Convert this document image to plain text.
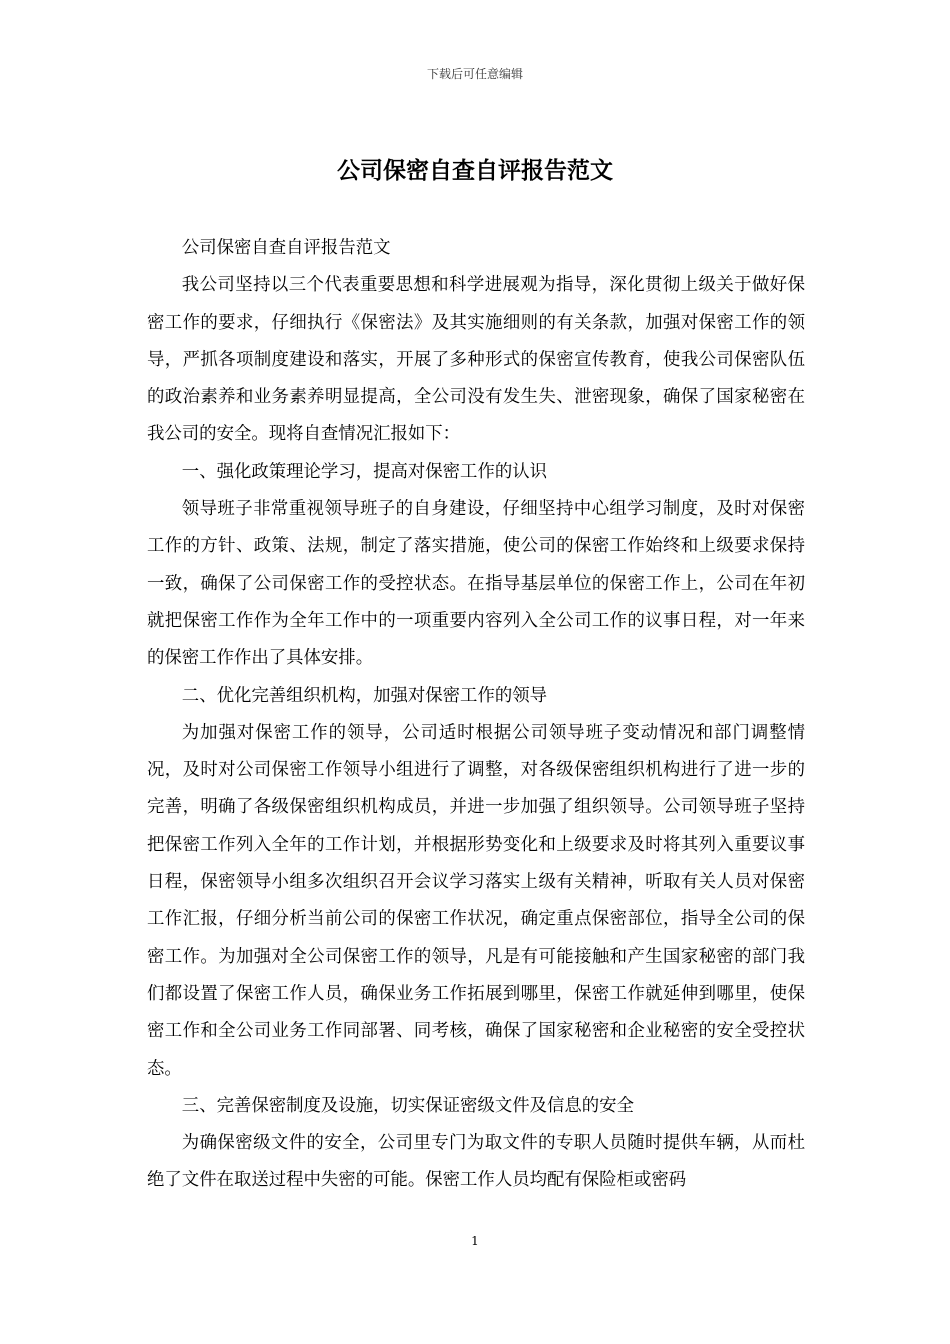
下载后可任意编辑
公司保密自查自评报告范文

公司保密自查自评报告范文

我公司坚持以三个代表重要思想和科学进展观为指导，深化贯彻上级关于做好保密工作的要求，仔细执行《保密法》及其实施细则的有关条款，加强对保密工作的领导，严抓各项制度建设和落实，开展了多种形式的保密宣传教育，使我公司保密队伍的政治素养和业务素养明显提高，全公司没有发生失、泄密现象，确保了国家秘密在我公司的安全。现将自查情况汇报如下：

一、强化政策理论学习，提高对保密工作的认识

领导班子非常重视领导班子的自身建设，仔细坚持中心组学习制度，及时对保密工作的方针、政策、法规，制定了落实措施，使公司的保密工作始终和上级要求保持一致，确保了公司保密工作的受控状态。在指导基层单位的保密工作上，公司在年初就把保密工作作为全年工作中的一项重要内容列入全公司工作的议事日程，对一年来的保密工作作出了具体安排。

二、优化完善组织机构，加强对保密工作的领导

为加强对保密工作的领导，公司适时根据公司领导班子变动情况和部门调整情况，及时对公司保密工作领导小组进行了调整，对各级保密组织机构进行了进一步的完善，明确了各级保密组织机构成员，并进一步加强了组织领导。公司领导班子坚持把保密工作列入全年的工作计划，并根据形势变化和上级要求及时将其列入重要议事日程，保密领导小组多次组织召开会议学习落实上级有关精神，听取有关人员对保密工作汇报，仔细分析当前公司的保密工作状况，确定重点保密部位，指导全公司的保密工作。为加强对全公司保密工作的领导，凡是有可能接触和产生国家秘密的部门我们都设置了保密工作人员，确保业务工作拓展到哪里，保密工作就延伸到哪里，使保密工作和全公司业务工作同部署、同考核，确保了国家秘密和企业秘密的安全受控状态。

三、完善保密制度及设施，切实保证密级文件及信息的安全

为确保密级文件的安全，公司里专门为取文件的专职人员随时提供车辆，从而杜绝了文件在取送过程中失密的可能。保密工作人员均配有保险柜或密码

1
